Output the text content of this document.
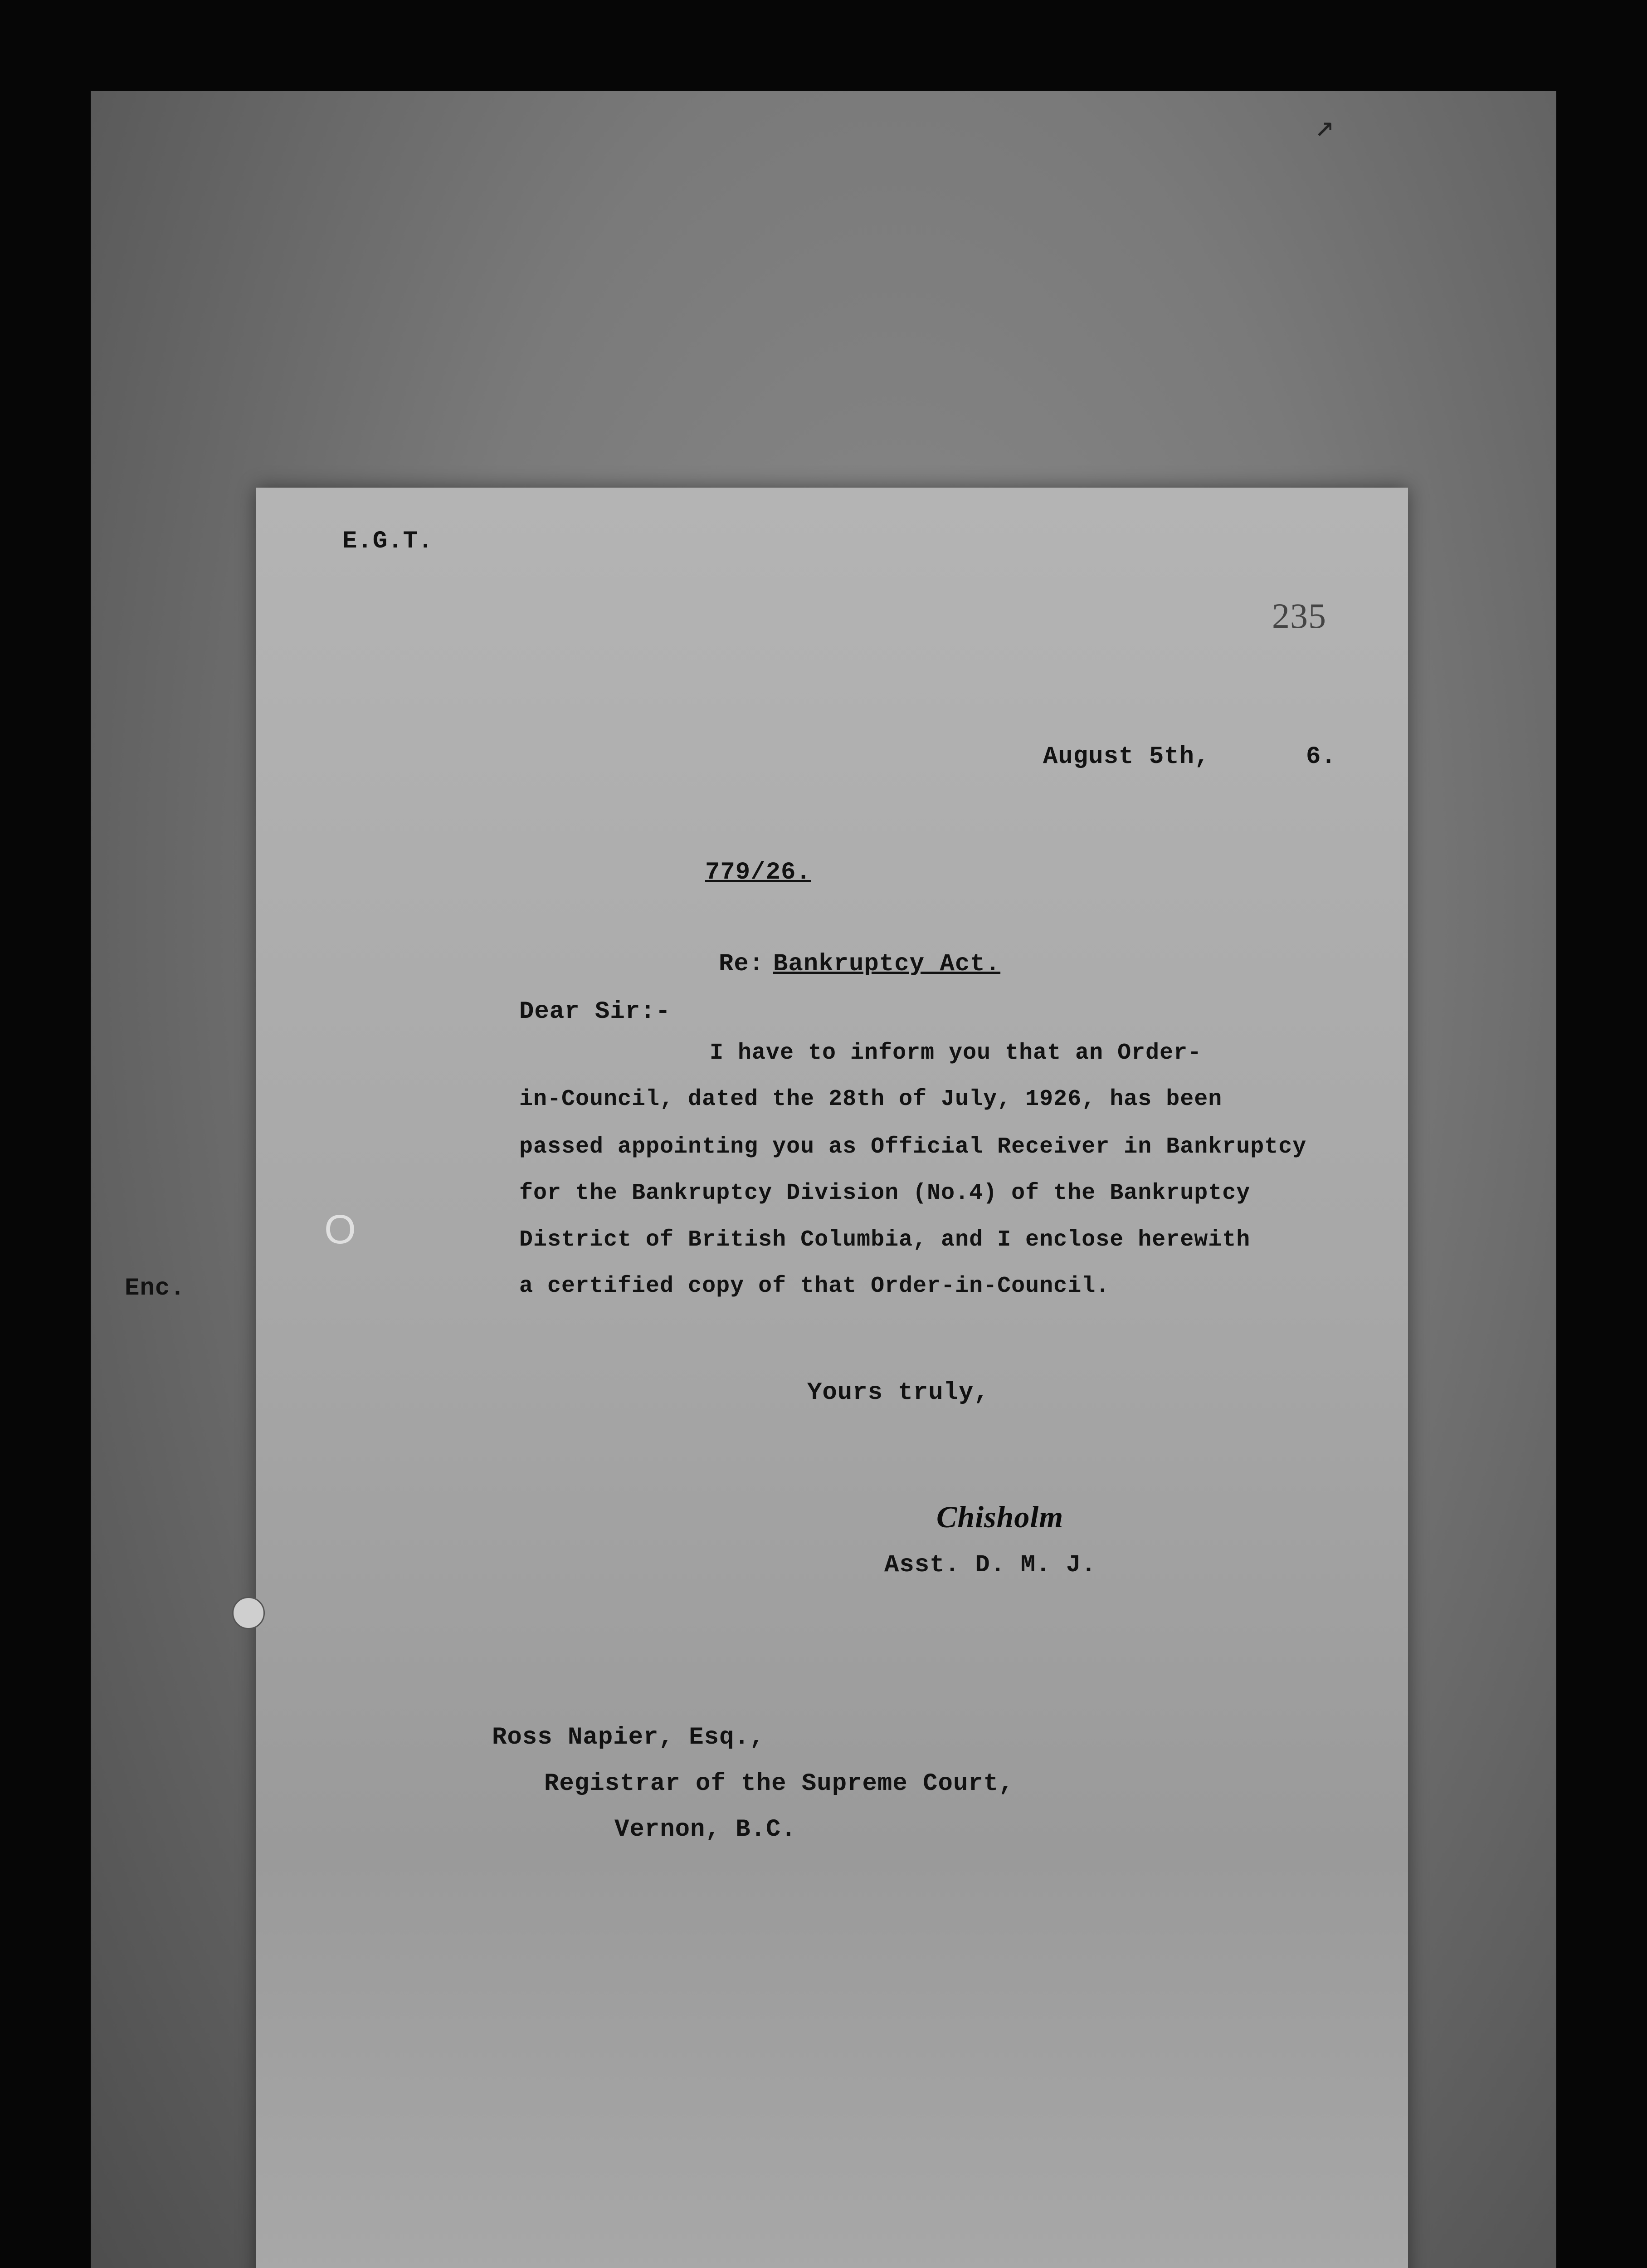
↗
E.G.T.
235
August 5th,	6.
779/26.
Re: Bankruptcy Act.
Dear Sir:-
I have to inform you that an Order-
in-Council, dated the 28th of July, 1926, has been
passed appointing you as Official Receiver in Bankruptcy
for the Bankruptcy Division (No.4) of the Bankruptcy
District of British Columbia, and I enclose herewith
a certified copy of that Order-in-Council.
Enc.
Yours truly,
Chisholm
Asst. D. M. J.
Ross Napier, Esq.,
Registrar of the Supreme Court,
Vernon, B.C.
O
